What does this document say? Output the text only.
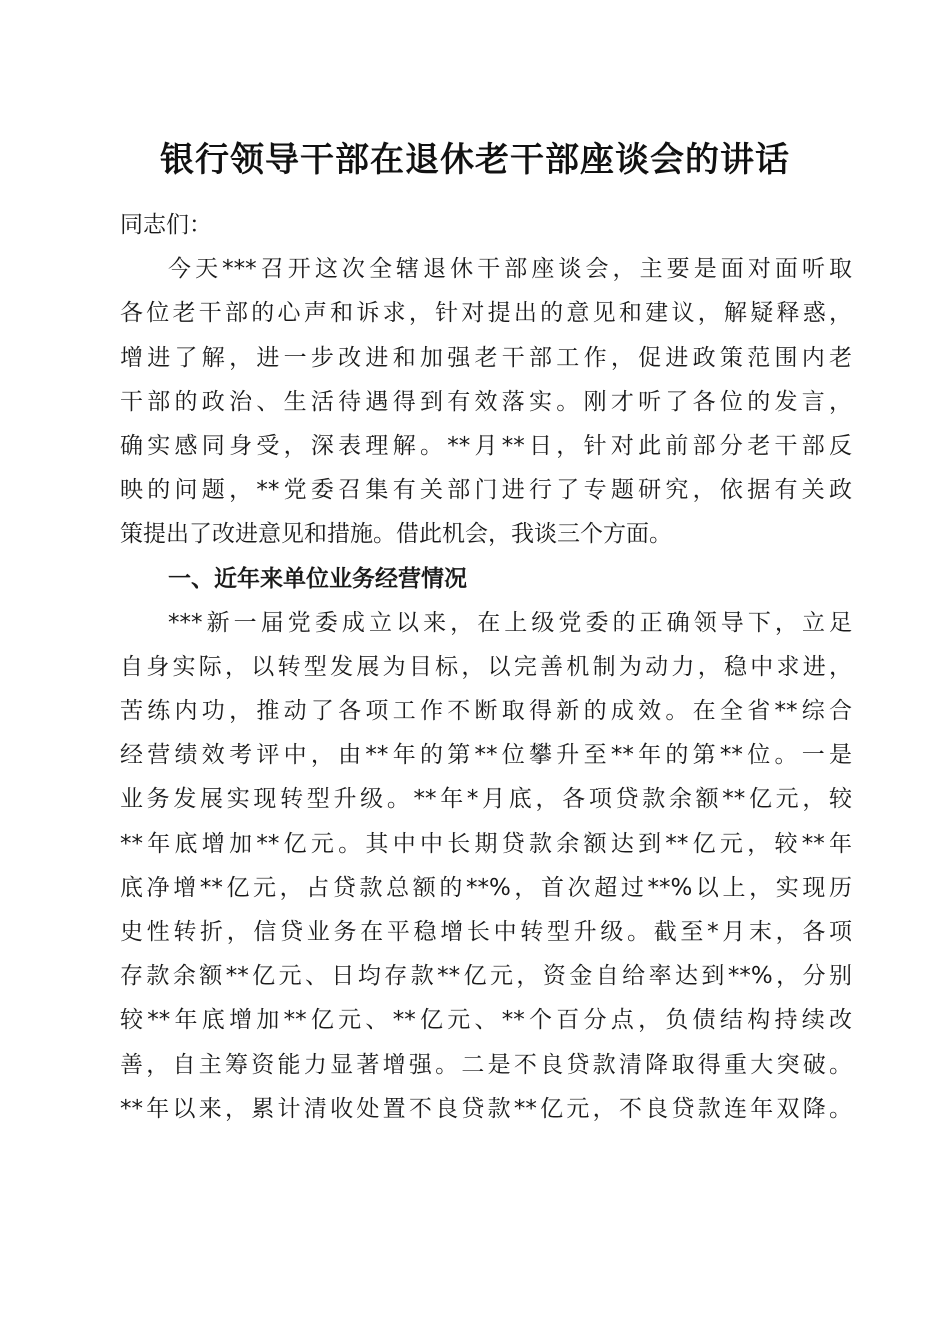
银行领导干部在退休老干部座谈会的讲话

同志们：

今天***召开这次全辖退休干部座谈会，主要是面对面听取
各位老干部的心声和诉求，针对提出的意见和建议，解疑释惑，
增进了解，进一步改进和加强老干部工作，促进政策范围内老
干部的政治、生活待遇得到有效落实。刚才听了各位的发言，
确实感同身受，深表理解。**月**日，针对此前部分老干部反
映的问题，**党委召集有关部门进行了专题研究，依据有关政
策提出了改进意见和措施。借此机会，我谈三个方面。

一、近年来单位业务经营情况

***新一届党委成立以来，在上级党委的正确领导下，立足
自身实际，以转型发展为目标，以完善机制为动力，稳中求进，
苦练内功，推动了各项工作不断取得新的成效。在全省**综合
经营绩效考评中，由**年的第**位攀升至**年的第**位。一是
业务发展实现转型升级。**年*月底，各项贷款余额**亿元，较
**年底增加**亿元。其中中长期贷款余额达到**亿元，较**年
底净增**亿元，占贷款总额的**%，首次超过**%以上，实现历
史性转折，信贷业务在平稳增长中转型升级。截至*月末，各项
存款余额**亿元、日均存款**亿元，资金自给率达到**%，分别
较**年底增加**亿元、**亿元、**个百分点，负债结构持续改
善，自主筹资能力显著增强。二是不良贷款清降取得重大突破。
**年以来，累计清收处置不良贷款**亿元，不良贷款连年双降。
